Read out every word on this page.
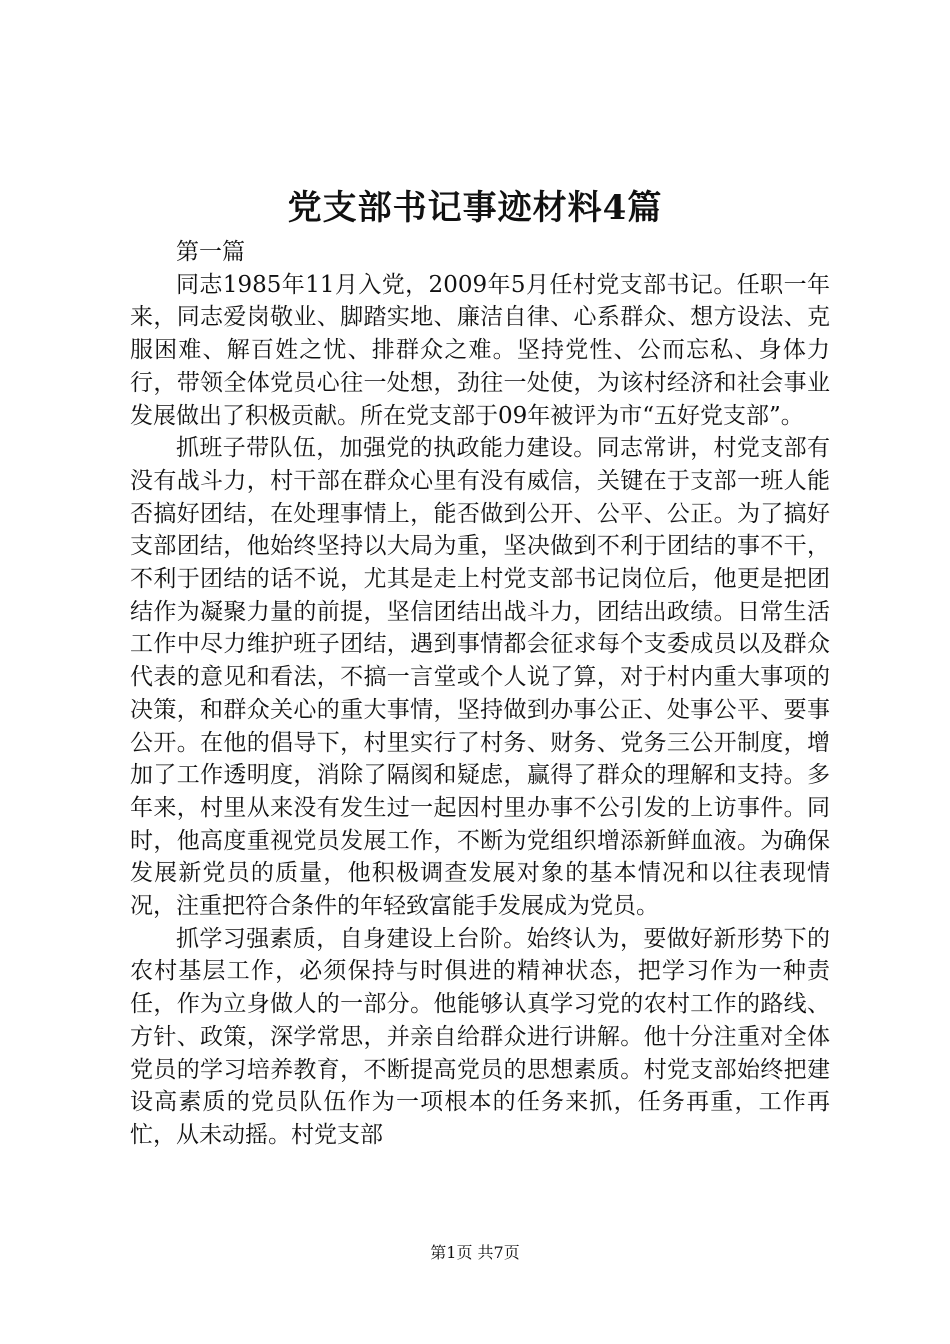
党支部书记事迹材料4篇

第一篇

同志1985年11月入党，2009年5月任村党支部书记。任职一年来，同志爱岗敬业、脚踏实地、廉洁自律、心系群众、想方设法、克服困难、解百姓之忧、排群众之难。坚持党性、公而忘私、身体力行，带领全体党员心往一处想，劲往一处使，为该村经济和社会事业发展做出了积极贡献。所在党支部于09年被评为市“五好党支部”。

抓班子带队伍，加强党的执政能力建设。同志常讲，村党支部有没有战斗力，村干部在群众心里有没有威信，关键在于支部一班人能否搞好团结，在处理事情上，能否做到公开、公平、公正。为了搞好支部团结，他始终坚持以大局为重，坚决做到不利于团结的事不干，不利于团结的话不说，尤其是走上村党支部书记岗位后，他更是把团结作为凝聚力量的前提，坚信团结出战斗力，团结出政绩。日常生活工作中尽力维护班子团结，遇到事情都会征求每个支委成员以及群众代表的意见和看法，不搞一言堂或个人说了算，对于村内重大事项的决策，和群众关心的重大事情，坚持做到办事公正、处事公平、要事公开。在他的倡导下，村里实行了村务、财务、党务三公开制度，增加了工作透明度，消除了隔阂和疑虑，赢得了群众的理解和支持。多年来，村里从来没有发生过一起因村里办事不公引发的上访事件。同时，他高度重视党员发展工作，不断为党组织增添新鲜血液。为确保发展新党员的质量，他积极调查发展对象的基本情况和以往表现情况，注重把符合条件的年轻致富能手发展成为党员。

抓学习强素质，自身建设上台阶。始终认为，要做好新形势下的农村基层工作，必须保持与时俱进的精神状态，把学习作为一种责任，作为立身做人的一部分。他能够认真学习党的农村工作的路线、方针、政策，深学常思，并亲自给群众进行讲解。他十分注重对全体党员的学习培养教育，不断提高党员的思想素质。村党支部始终把建设高素质的党员队伍作为一项根本的任务来抓，任务再重，工作再忙，从未动摇。村党支部

第1页 共7页
